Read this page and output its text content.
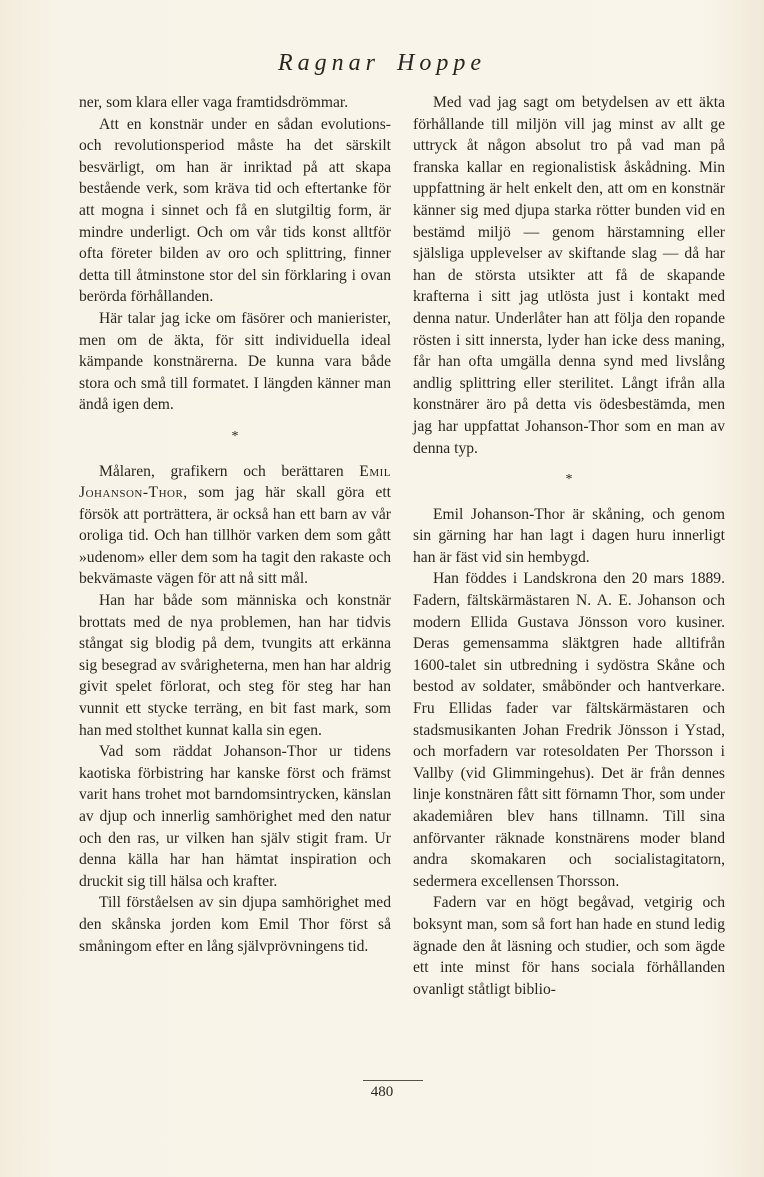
Ragnar Hoppe

ner, som klara eller vaga framtidsdrömmar.

Att en konstnär under en sådan evolutions- och revolutionsperiod måste ha det särskilt besvärligt, om han är inriktad på att skapa bestående verk, som kräva tid och eftertanke för att mogna i sinnet och få en slutgiltig form, är mindre underligt. Och om vår tids konst alltför ofta företer bilden av oro och splittring, finner detta till åtminstone stor del sin förklaring i ovan berörda förhållanden.

Här talar jag icke om fäsörer och manierister, men om de äkta, för sitt individuella ideal kämpande konstnärerna. De kunna vara både stora och små till formatet. I längden känner man ändå igen dem.

*

Målaren, grafikern och berättaren Emil Johanson-Thor, som jag här skall göra ett försök att porträttera, är också han ett barn av vår oroliga tid. Och han tillhör varken dem som gått »udenom» eller dem som ha tagit den rakaste och bekvämaste vägen för att nå sitt mål.

Han har både som människa och konstnär brottats med de nya problemen, han har tidvis stångat sig blodig på dem, tvungits att erkänna sig besegrad av svårigheterna, men han har aldrig givit spelet förlorat, och steg för steg har han vunnit ett stycke terräng, en bit fast mark, som han med stolthet kunnat kalla sin egen.

Vad som räddat Johanson-Thor ur tidens kaotiska förbistring har kanske först och främst varit hans trohet mot barndomsintrycken, känslan av djup och innerlig samhörighet med den natur och den ras, ur vilken han själv stigit fram. Ur denna källa har han hämtat inspiration och druckit sig till hälsa och krafter.

Till förståelsen av sin djupa samhörighet med den skånska jorden kom Emil Thor först så småningom efter en lång självprövningens tid.

Med vad jag sagt om betydelsen av ett äkta förhållande till miljön vill jag minst av allt ge uttryck åt någon absolut tro på vad man på franska kallar en regionalistisk åskådning. Min uppfattning är helt enkelt den, att om en konstnär känner sig med djupa starka rötter bunden vid en bestämd miljö — genom härstamning eller själsliga upplevelser av skiftande slag — då har han de största utsikter att få de skapande krafterna i sitt jag utlösta just i kontakt med denna natur. Underlåter han att följa den ropande rösten i sitt innersta, lyder han icke dess maning, får han ofta umgälla denna synd med livslång andlig splittring eller sterilitet. Långt ifrån alla konstnärer äro på detta vis ödesbestämda, men jag har uppfattat Johanson-Thor som en man av denna typ.

*

Emil Johanson-Thor är skåning, och genom sin gärning har han lagt i dagen huru innerligt han är fäst vid sin hembygd.

Han föddes i Landskrona den 20 mars 1889. Fadern, fältskärmästaren N. A. E. Johanson och modern Ellida Gustava Jönsson voro kusiner. Deras gemensamma släktgren hade alltifrån 1600-talet sin utbredning i sydöstra Skåne och bestod av soldater, småbönder och hantverkare. Fru Ellidas fader var fältskärmästaren och stadsmusikanten Johan Fredrik Jönsson i Ystad, och morfadern var rotesoldaten Per Thorsson i Vallby (vid Glimmingehus). Det är från dennes linje konstnären fått sitt förnamn Thor, som under akademiåren blev hans tillnamn. Till sina anförvanter räknade konstnärens moder bland andra skomakaren och socialistagitatorn, sedermera excellensen Thorsson.

Fadern var en högt begåvad, vetgirig och boksynt man, som så fort han hade en stund ledig ägnade den åt läsning och studier, och som ägde ett inte minst för hans sociala förhållanden ovanligt ståtligt biblio-

480
